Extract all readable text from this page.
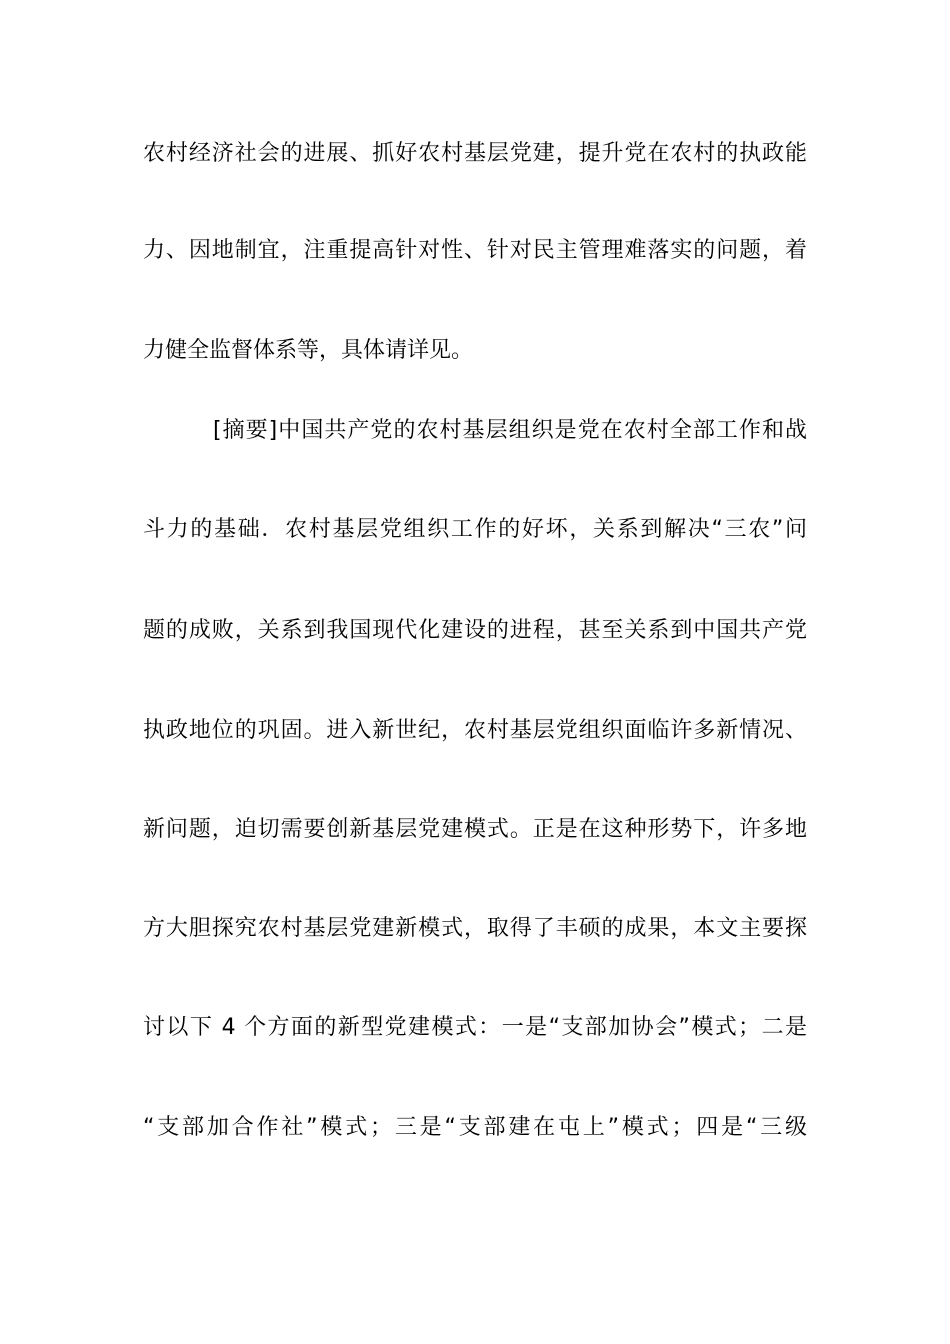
农村经济社会的进展、抓好农村基层党建，提升党在农村的执政能
力、因地制宜，注重提高针对性、针对民主管理难落实的问题，着
力健全监督体系等，具体请详见。
[摘要]中国共产党的农村基层组织是党在农村全部工作和战
斗力的基础．农村基层党组织工作的好坏，关系到解决“三农”问
题的成败，关系到我国现代化建设的进程，甚至关系到中国共产党
执政地位的巩固。进入新世纪，农村基层党组织面临许多新情况、
新问题，迫切需要创新基层党建模式。正是在这种形势下，许多地
方大胆探究农村基层党建新模式，取得了丰硕的成果，本文主要探
讨以下 4 个方面的新型党建模式：一是“支部加协会”模式；二是
“支部加合作社”模式；三是“支部建在屯上”模式；四是“三级
